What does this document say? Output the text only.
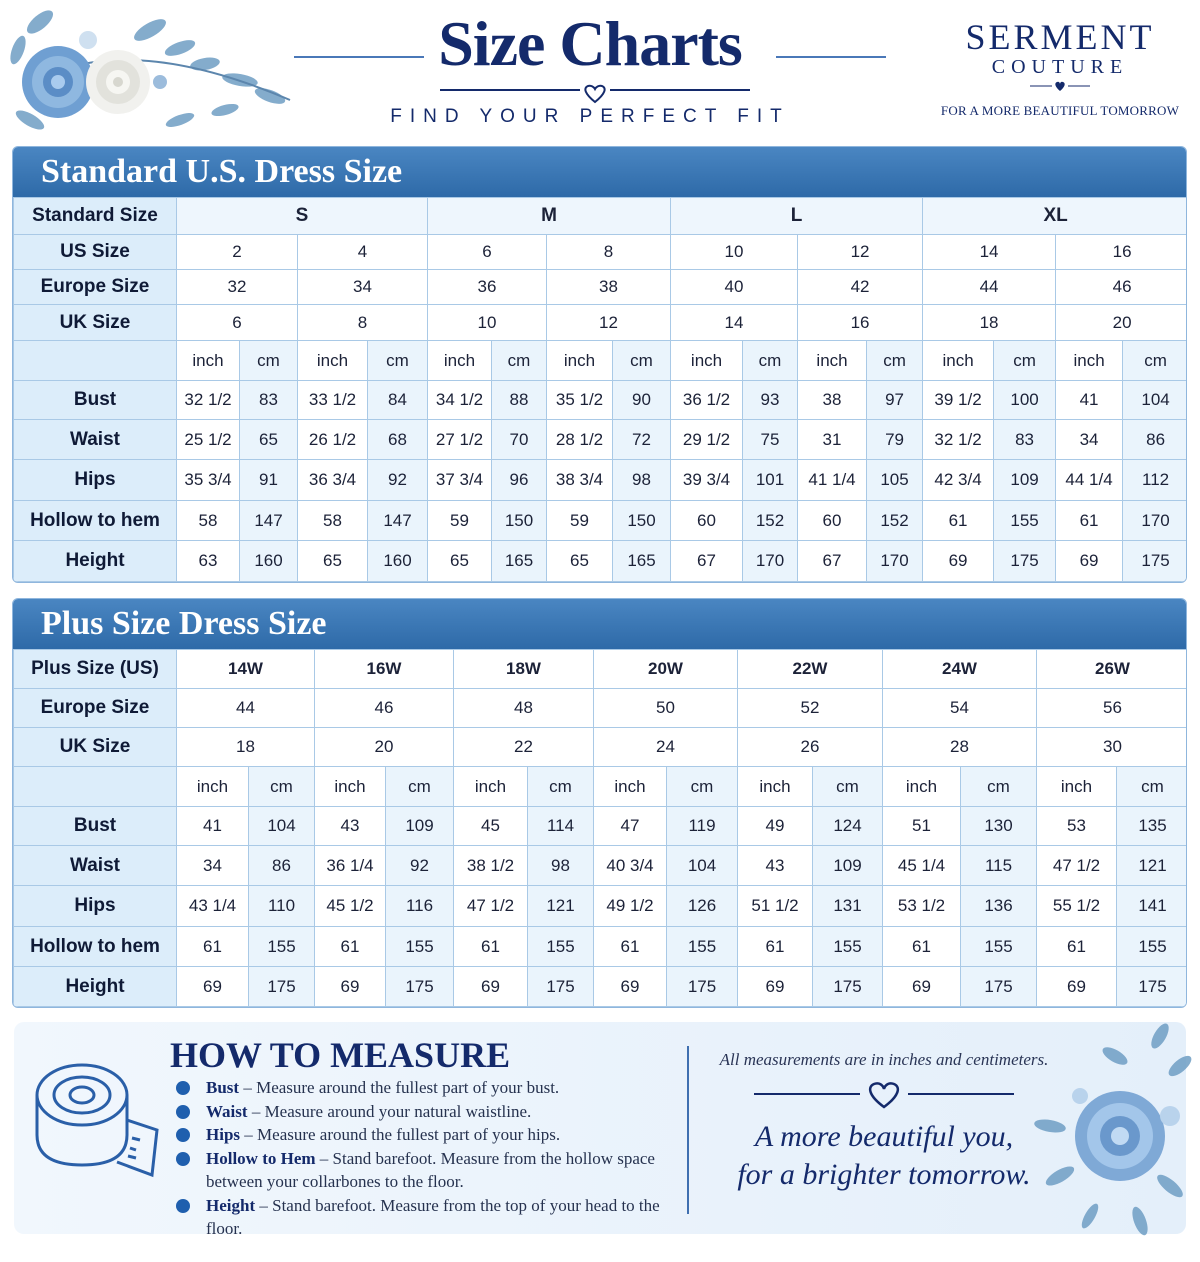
Size Charts
FIND YOUR PERFECT FIT
SERMENT
COUTURE
FOR A MORE BEAUTIFUL TOMORROW
Standard U.S. Dress Size
Standard Size	S				M				L				XL			
US Size	2		4		6		8		10		12		14		16	
Europe Size	32		34		36		38		40		42		44		46	
UK Size	6		8		10		12		14		16		18		20	
	inch	cm	inch	cm	inch	cm	inch	cm	inch	cm	inch	cm	inch	cm	inch	cm
Bust	32 1/2	83	33 1/2	84	34 1/2	88	35 1/2	90	36 1/2	93	38	97	39 1/2	100	41	104
Waist	25 1/2	65	26 1/2	68	27 1/2	70	28 1/2	72	29 1/2	75	31	79	32 1/2	83	34	86
Hips	35 3/4	91	36 3/4	92	37 3/4	96	38 3/4	98	39 3/4	101	41 1/4	105	42 3/4	109	44 1/4	112
Hollow to hem	58	147	58	147	59	150	59	150	60	152	60	152	61	155	61	170
Height	63	160	65	160	65	165	65	165	67	170	67	170	69	175	69	175
Plus Size Dress Size
Plus Size (US)	14W		16W		18W		20W		22W		24W		26W	
Europe Size	44		46		48		50		52		54		56	
UK Size	18		20		22		24		26		28		30	
	inch	cm	inch	cm	inch	cm	inch	cm	inch	cm	inch	cm	inch	cm
Bust	41	104	43	109	45	114	47	119	49	124	51	130	53	135
Waist	34	86	36 1/4	92	38 1/2	98	40 3/4	104	43	109	45 1/4	115	47 1/2	121
Hips	43 1/4	110	45 1/2	116	47 1/2	121	49 1/2	126	51 1/2	131	53 1/2	136	55 1/2	141
Hollow to hem	61	155	61	155	61	155	61	155	61	155	61	155	61	155
Height	69	175	69	175	69	175	69	175	69	175	69	175	69	175
HOW TO MEASURE
Bust – Measure around the fullest part of your bust.
Waist – Measure around your natural waistline.
Hips – Measure around the fullest part of your hips.
Hollow to Hem – Stand barefoot. Measure from the hollow space between your collarbones to the floor.
Height – Stand barefoot. Measure from the top of your head to the floor.
All measurements are in inches and centimeters.
A more beautiful you,
for a brighter tomorrow.
